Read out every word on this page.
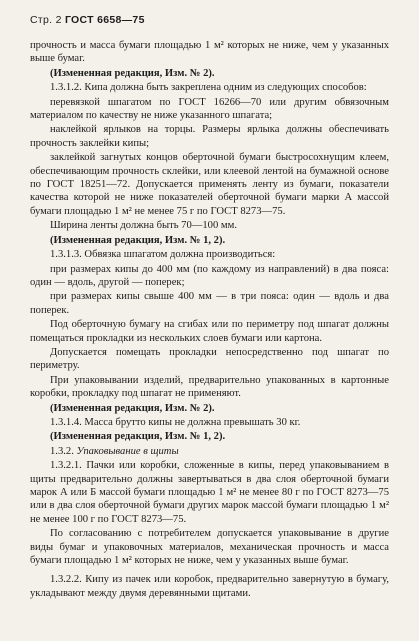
Стр. 2 ГОСТ 6658—75

прочность и масса бумаги площадью 1 м² которых не ниже, чем у указанных выше бумаг.

(Измененная редакция, Изм. № 2).

1.3.1.2. Кипа должна быть закреплена одним из следующих способов:

перевязкой шпагатом по ГОСТ 16266—70 или другим обвязочным материалом по качеству не ниже указанного шпагата;

наклейкой ярлыков на торцы. Размеры ярлыка должны обеспечивать прочность заклейки кипы;

заклейкой загнутых концов оберточной бумаги быстросохнущим клеем, обеспечивающим прочность склейки, или клеевой лентой на бумажной основе по ГОСТ 18251—72. Допускается применять ленту из бумаги, показатели качества которой не ниже показателей оберточной бумаги марки А массой бумаги площадью 1 м² не менее 75 г по ГОСТ 8273—75.

Ширина ленты должна быть 70—100 мм.

(Измененная редакция, Изм. № 1, 2).

1.3.1.3. Обвязка шпагатом должна производиться:

при размерах кипы до 400 мм (по каждому из направлений) в два пояса: один — вдоль, другой — поперек;

при размерах кипы свыше 400 мм — в три пояса: один — вдоль и два поперек.

Под оберточную бумагу на сгибах или по периметру под шпагат должны помещаться прокладки из нескольких слоев бумаги или картона.

Допускается помещать прокладки непосредственно под шпагат по периметру.

При упаковывании изделий, предварительно упакованных в картонные коробки, прокладку под шпагат не применяют.

(Измененная редакция, Изм. № 2).

1.3.1.4. Масса брутто кипы не должна превышать 30 кг.

(Измененная редакция, Изм. № 1, 2).

1.3.2. Упаковывание в щиты

1.3.2.1. Пачки или коробки, сложенные в кипы, перед упаковыванием в щиты предварительно должны завертываться в два слоя оберточной бумаги марок А или Б массой бумаги площадью 1 м² не менее 80 г по ГОСТ 8273—75 или в два слоя оберточной бумаги других марок массой бумаги площадью 1 м² не менее 100 г по ГОСТ 8273—75.

По согласованию с потребителем допускается упаковывание в другие виды бумаг и упаковочных материалов, механическая прочность и масса бумаги площадью 1 м² которых не ниже, чем у указанных выше бумаг.

1.3.2.2. Кипу из пачек или коробок, предварительно завернутую в бумагу, укладывают между двумя деревянными щитами.
